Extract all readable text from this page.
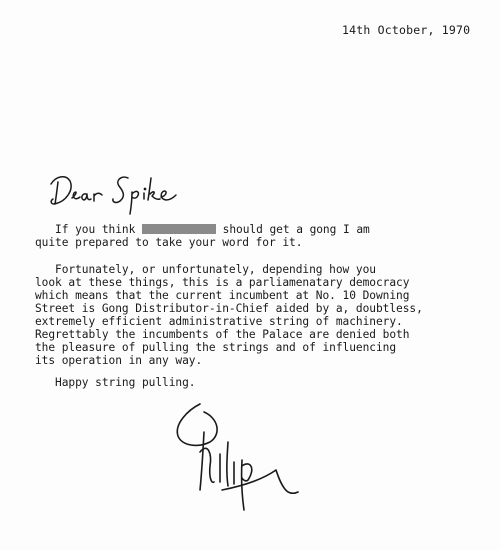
14th October, 1970

If you think	should get a gong I am
quite prepared to take your word for it.

Fortunately, or unfortunately, depending how you
look at these things, this is a parliamenatary democracy
which means that the current incumbent at No. 10 Downing
Street is Gong Distributor-in-Chief aided by a, doubtless,
extremely efficient administrative string of machinery.
Regrettably the incumbents of the Palace are denied both
the pleasure of pulling the strings and of influencing
its operation in any way.

Happy string pulling.
